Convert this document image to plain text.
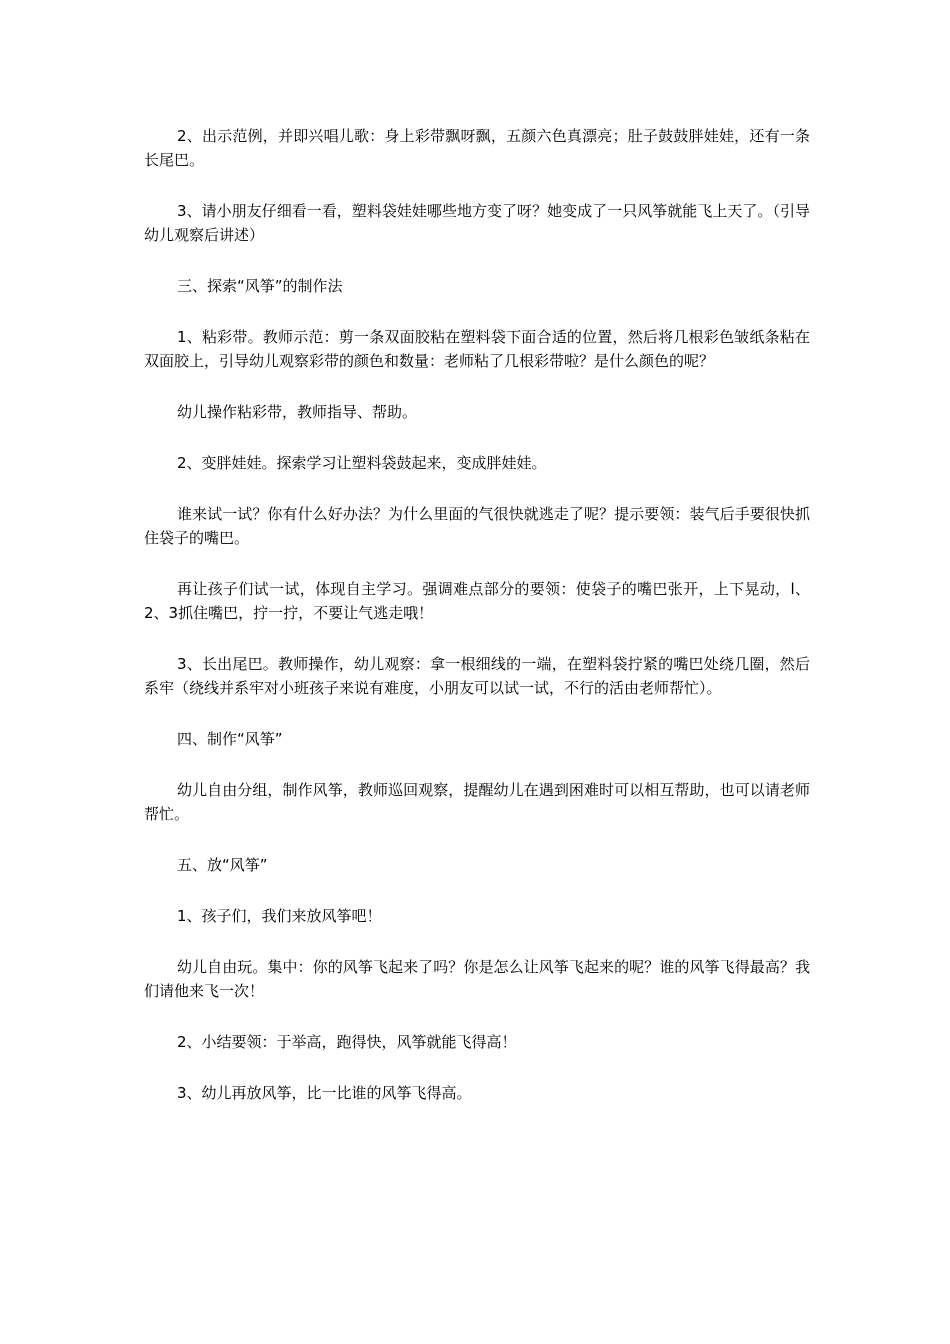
2、出示范例，并即兴唱儿歌：身上彩带飘呀飘，五颜六色真漂亮；肚子鼓鼓胖娃娃，还有一条长尾巴。

3、请小朋友仔细看一看，塑料袋娃娃哪些地方变了呀？她变成了一只风筝就能飞上天了。（引导幼儿观察后讲述）

三、探索“风筝”的制作法

1、粘彩带。教师示范：剪一条双面胶粘在塑料袋下面合适的位置，然后将几根彩色皱纸条粘在双面胶上，引导幼儿观察彩带的颜色和数量：老师粘了几根彩带啦？是什么颜色的呢？

幼儿操作粘彩带，教师指导、帮助。

2、变胖娃娃。探索学习让塑料袋鼓起来，变成胖娃娃。

谁来试一试？你有什么好办法？为什么里面的气很快就逃走了呢？提示要领：装气后手要很快抓住袋子的嘴巴。

再让孩子们试一试，体现自主学习。强调难点部分的要领：使袋子的嘴巴张开，上下晃动，l、2、3抓住嘴巴，拧一拧，不要让气逃走哦！

3、长出尾巴。教师操作，幼儿观察：拿一根细线的一端，在塑料袋拧紧的嘴巴处绕几圈，然后系牢（绕线并系牢对小班孩子来说有难度，小朋友可以试一试，不行的活由老师帮忙）。

四、制作“风筝”

幼儿自由分组，制作风筝，教师巡回观察，提醒幼儿在遇到困难时可以相互帮助，也可以请老师帮忙。

五、放“风筝”

1、孩子们，我们来放风筝吧！

幼儿自由玩。集中：你的风筝飞起来了吗？你是怎么让风筝飞起来的呢？谁的风筝飞得最高？我们请他来飞一次！

2、小结要领：于举高，跑得快，风筝就能飞得高！

3、幼儿再放风筝，比一比谁的风筝飞得高。
